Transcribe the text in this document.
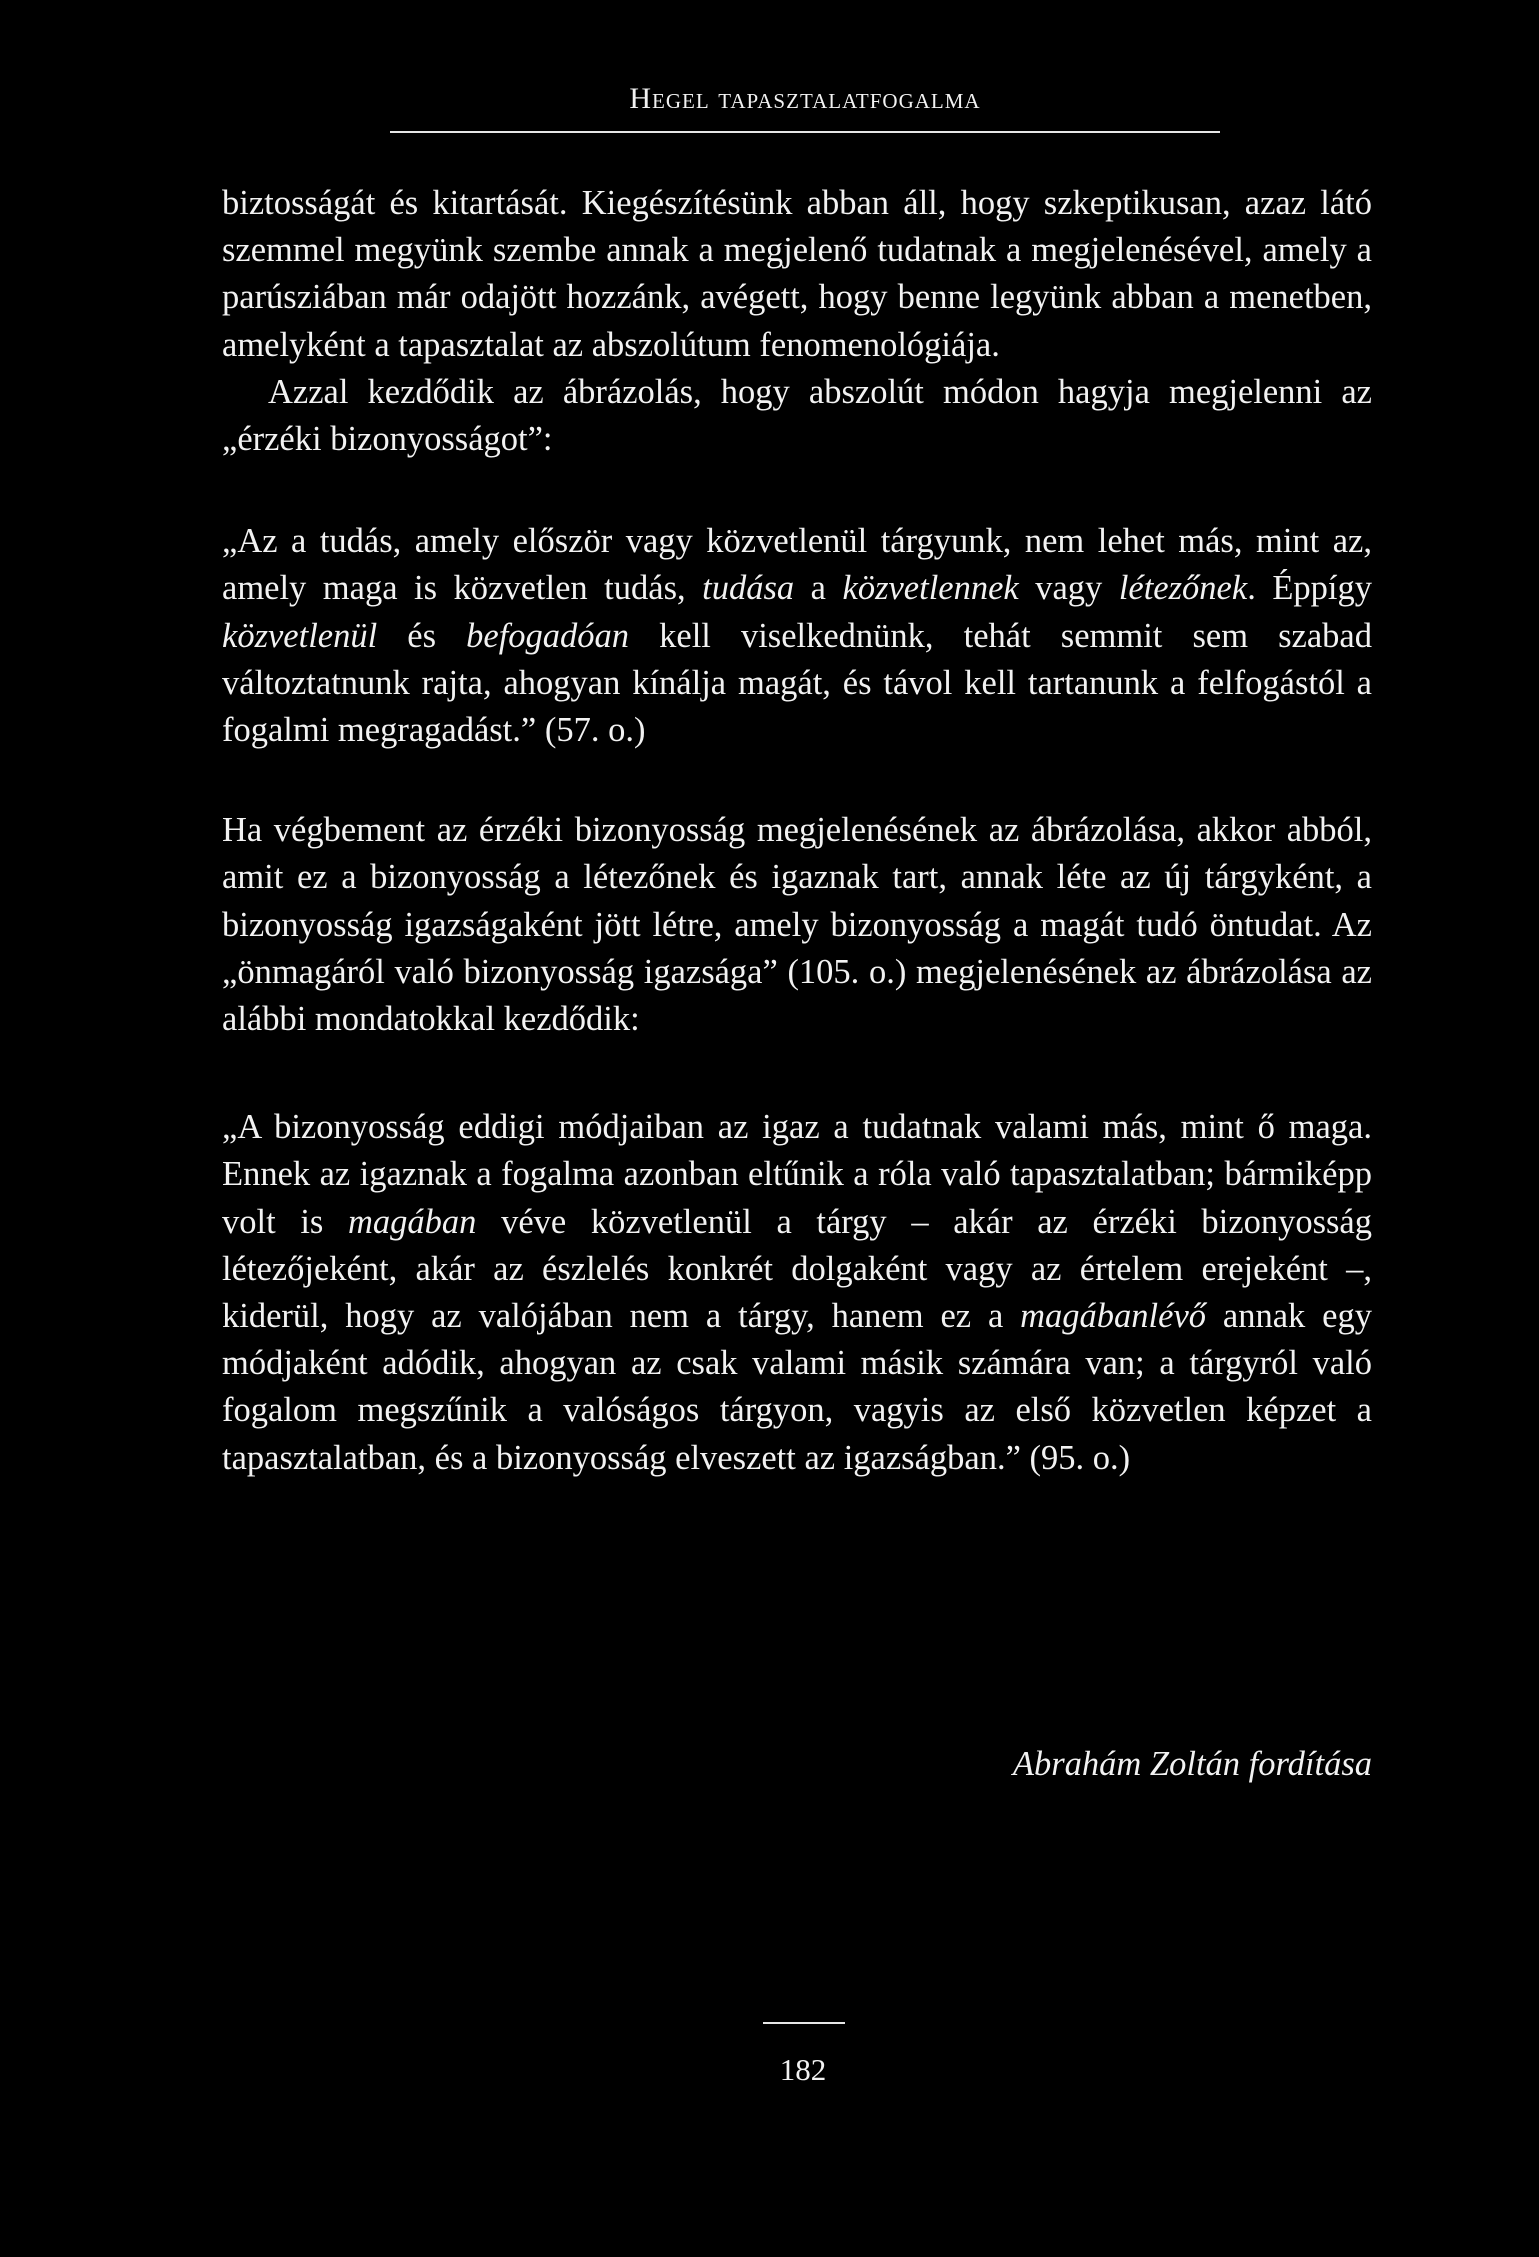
Hegel tapasztalatfogalma

biztosságát és kitartását. Kiegészítésünk abban áll, hogy szkeptikusan, azaz látó szemmel megyünk szembe annak a megjelenő tudatnak a megjelenésével, amely a parúsziában már odajött hozzánk, avégett, hogy benne legyünk abban a menetben, amelyként a tapasztalat az abszolútum fenomenológiája.

Azzal kezdődik az ábrázolás, hogy abszolút módon hagyja megjelenni az „érzéki bizonyosságot”:

„Az a tudás, amely először vagy közvetlenül tárgyunk, nem lehet más, mint az, amely maga is közvetlen tudás, tudása a közvetlennek vagy létezőnek. Éppígy közvetlenül és befogadóan kell viselkednünk, tehát semmit sem szabad változtatnunk rajta, ahogyan kínálja magát, és távol kell tartanunk a felfogástól a fogalmi megragadást.” (57. o.)

Ha végbement az érzéki bizonyosság megjelenésének az ábrázolása, akkor abból, amit ez a bizonyosság a létezőnek és igaznak tart, annak léte az új tárgyként, a bizonyosság igazságaként jött létre, amely bizonyosság a magát tudó öntudat. Az „önmagáról való bizonyosság igazsága” (105. o.) megjelenésének az ábrázolása az alábbi mondatokkal kezdődik:

„A bizonyosság eddigi módjaiban az igaz a tudatnak valami más, mint ő maga. Ennek az igaznak a fogalma azonban eltűnik a róla való tapasztalatban; bármiképp volt is magában véve közvetlenül a tárgy – akár az érzéki bizonyosság létezőjeként, akár az észlelés konkrét dolgaként vagy az értelem erejeként –, kiderül, hogy az valójában nem a tárgy, hanem ez a magábanlévő annak egy módjaként adódik, ahogyan az csak valami másik számára van; a tárgyról való fogalom megszűnik a valóságos tárgyon, vagyis az első közvetlen képzet a tapasztalatban, és a bizonyosság elveszett az igazságban.” (95. o.)

Abrahám Zoltán fordítása
182
